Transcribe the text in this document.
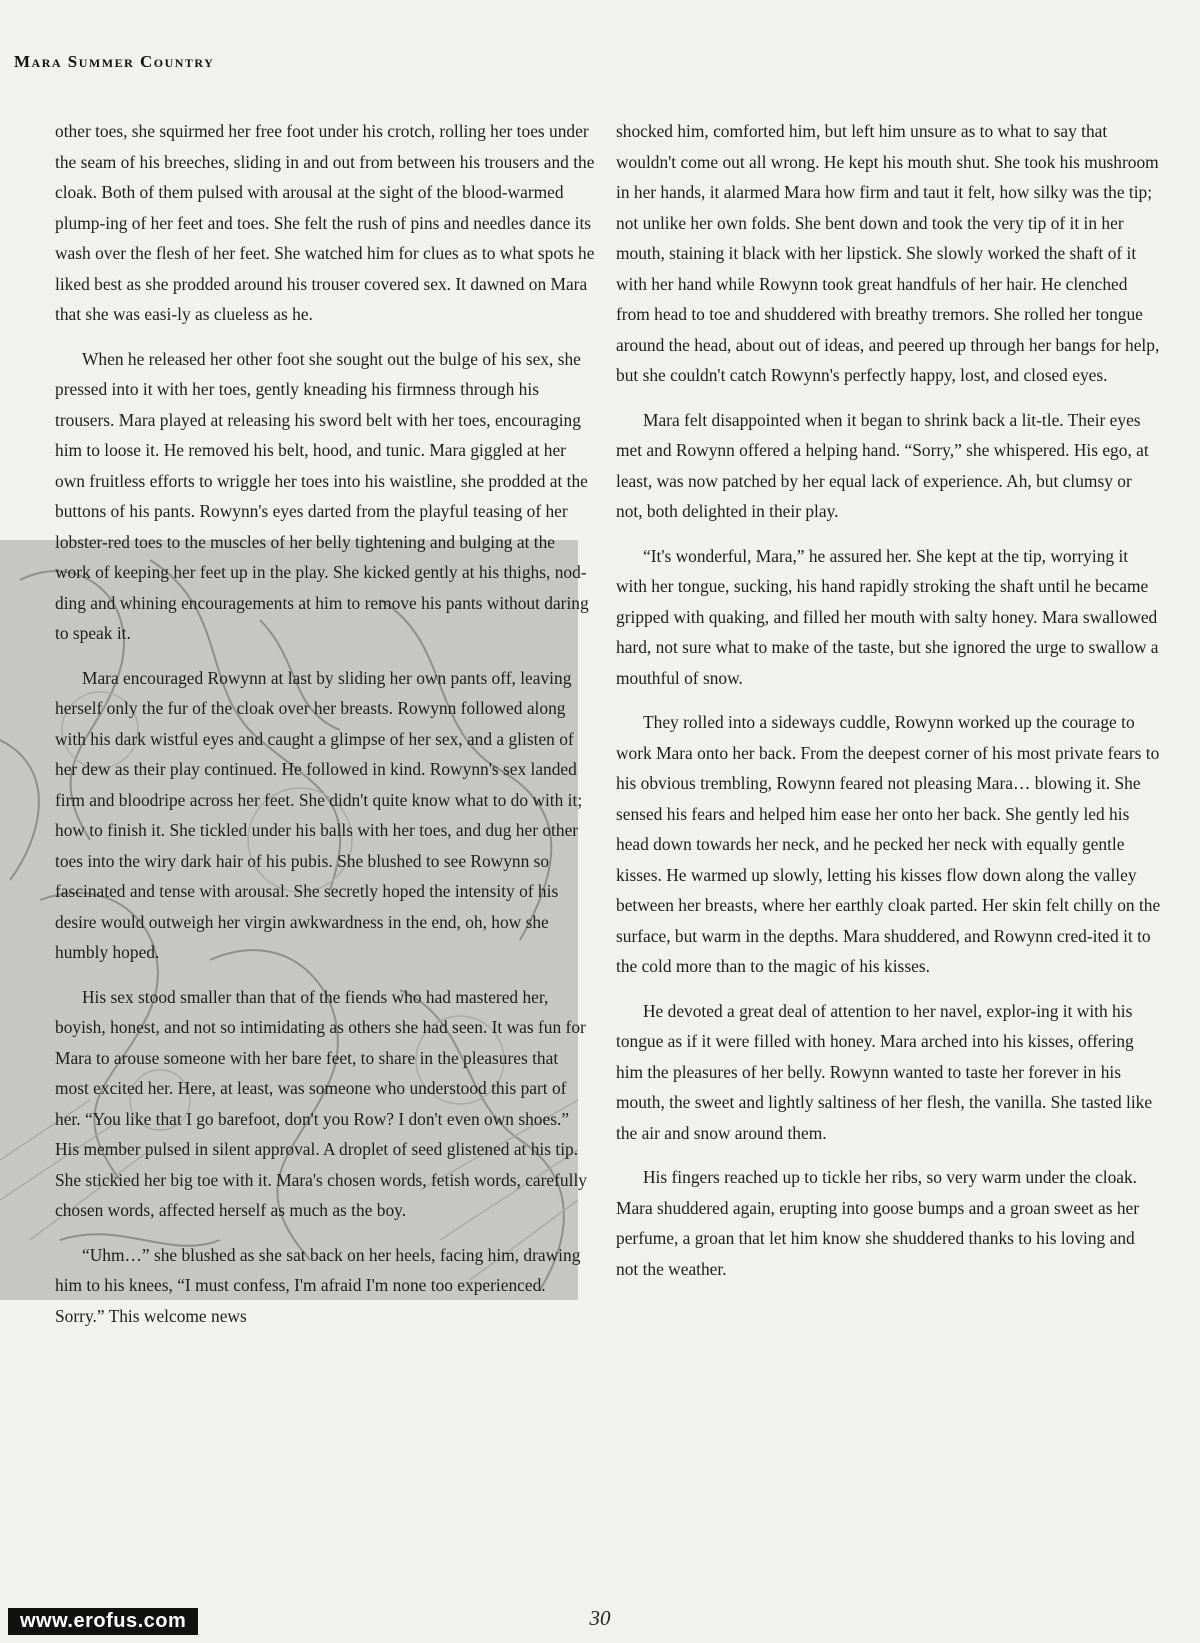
Mara Summer Country

other toes, she squirmed her free foot under his crotch, rolling her toes under the seam of his breeches, sliding in and out from between his trousers and the cloak. Both of them pulsed with arousal at the sight of the blood-warmed plump-ing of her feet and toes. She felt the rush of pins and needles dance its wash over the flesh of her feet. She watched him for clues as to what spots he liked best as she prodded around his trouser covered sex. It dawned on Mara that she was easi-ly as clueless as he.

When he released her other foot she sought out the bulge of his sex, she pressed into it with her toes, gently kneading his firmness through his trousers. Mara played at releasing his sword belt with her toes, encouraging him to loose it. He removed his belt, hood, and tunic. Mara giggled at her own fruitless efforts to wriggle her toes into his waistline, she prodded at the buttons of his pants. Rowynn's eyes darted from the playful teasing of her lobster-red toes to the muscles of her belly tightening and bulging at the work of keeping her feet up in the play. She kicked gently at his thighs, nod-ding and whining encouragements at him to remove his pants without daring to speak it.

Mara encouraged Rowynn at last by sliding her own pants off, leaving herself only the fur of the cloak over her breasts. Rowynn followed along with his dark wistful eyes and caught a glimpse of her sex, and a glisten of her dew as their play continued. He followed in kind. Rowynn's sex landed firm and bloodripe across her feet. She didn't quite know what to do with it; how to finish it. She tickled under his balls with her toes, and dug her other toes into the wiry dark hair of his pubis. She blushed to see Rowynn so fascinated and tense with arousal. She secretly hoped the intensity of his desire would outweigh her virgin awkwardness in the end, oh, how she humbly hoped.

His sex stood smaller than that of the fiends who had mastered her, boyish, honest, and not so intimidating as others she had seen. It was fun for Mara to arouse someone with her bare feet, to share in the pleasures that most excited her. Here, at least, was someone who understood this part of her. “You like that I go barefoot, don't you Row? I don't even own shoes.” His member pulsed in silent approval. A droplet of seed glistened at his tip. She stickied her big toe with it. Mara's chosen words, fetish words, carefully chosen words, affected herself as much as the boy.

“Uhm…” she blushed as she sat back on her heels, facing him, drawing him to his knees, “I must confess, I'm afraid I'm none too experienced. Sorry.” This welcome news

shocked him, comforted him, but left him unsure as to what to say that wouldn't come out all wrong. He kept his mouth shut. She took his mushroom in her hands, it alarmed Mara how firm and taut it felt, how silky was the tip; not unlike her own folds. She bent down and took the very tip of it in her mouth, staining it black with her lipstick. She slowly worked the shaft of it with her hand while Rowynn took great handfuls of her hair. He clenched from head to toe and shuddered with breathy tremors. She rolled her tongue around the head, about out of ideas, and peered up through her bangs for help, but she couldn't catch Rowynn's perfectly happy, lost, and closed eyes.

Mara felt disappointed when it began to shrink back a lit-tle. Their eyes met and Rowynn offered a helping hand. “Sorry,” she whispered. His ego, at least, was now patched by her equal lack of experience. Ah, but clumsy or not, both delighted in their play.

“It's wonderful, Mara,” he assured her. She kept at the tip, worrying it with her tongue, sucking, his hand rapidly stroking the shaft until he became gripped with quaking, and filled her mouth with salty honey. Mara swallowed hard, not sure what to make of the taste, but she ignored the urge to swallow a mouthful of snow.

They rolled into a sideways cuddle, Rowynn worked up the courage to work Mara onto her back. From the deepest corner of his most private fears to his obvious trembling, Rowynn feared not pleasing Mara… blowing it. She sensed his fears and helped him ease her onto her back. She gently led his head down towards her neck, and he pecked her neck with equally gentle kisses. He warmed up slowly, letting his kisses flow down along the valley between her breasts, where her earthly cloak parted. Her skin felt chilly on the surface, but warm in the depths. Mara shuddered, and Rowynn cred-ited it to the cold more than to the magic of his kisses.

He devoted a great deal of attention to her navel, explor-ing it with his tongue as if it were filled with honey. Mara arched into his kisses, offering him the pleasures of her belly. Rowynn wanted to taste her forever in his mouth, the sweet and lightly saltiness of her flesh, the vanilla. She tasted like the air and snow around them.

His fingers reached up to tickle her ribs, so very warm under the cloak. Mara shuddered again, erupting into goose bumps and a groan sweet as her perfume, a groan that let him know she shuddered thanks to his loving and not the weather.

30
www.erofus.com
